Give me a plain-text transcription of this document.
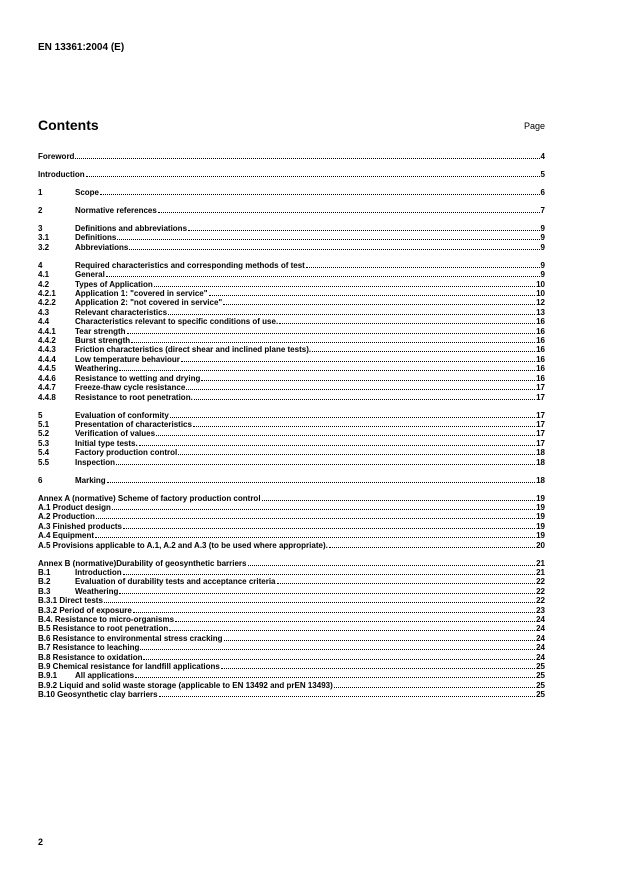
EN 13361:2004 (E)
Contents	Page
Foreword	4
Introduction	5
1	Scope	6
2	Normative references	7
3	Definitions and abbreviations	9
3.1	Definitions	9
3.2	Abbreviations	9
4	Required characteristics and corresponding methods of test	9
4.1	General	9
4.2	Types of Application	10
4.2.1	Application 1: "covered in service"	10
4.2.2	Application 2: "not covered in service"	12
4.3	Relevant characteristics	13
4.4	Characteristics relevant to specific conditions of use.	16
4.4.1	Tear strength	16
4.4.2	Burst strength	16
4.4.3	Friction characteristics (direct shear and inclined plane tests).	16
4.4.4	Low temperature behaviour	16
4.4.5	Weathering	16
4.4.6	Resistance to wetting and drying	16
4.4.7	Freeze-thaw cycle resistance	17
4.4.8	Resistance to root penetration.	17
5	Evaluation of conformity	17
5.1	Presentation of characteristics	17
5.2	Verification of values	17
5.3	Initial type tests.	17
5.4	Factory production control	18
5.5	Inspection	18
6	Marking	18
Annex A (normative) Scheme of factory production control	19
A.1 Product design	19
A.2 Production	19
A.3 Finished products	19
A.4 Equipment	19
A.5 Provisions applicable to A.1, A.2 and A.3 (to be used where appropriate).	20
Annex B (normative)Durability of geosynthetic barriers	21
B.1	Introduction	21
B.2	Evaluation of durability tests and acceptance criteria	22
B.3	Weathering	22
B.3.1 Direct tests	22
B.3.2 Period of exposure	23
B.4. Resistance to micro-organisms	24
B.5 Resistance to root penetration	24
B.6 Resistance to environmental stress cracking	24
B.7 Resistance to leaching	24
B.8 Resistance to oxidation	24
B.9 Chemical resistance for landfill applications	25
B.9.1	All applications	25
B.9.2 Liquid and solid waste storage (applicable to EN 13492 and prEN 13493)	25
B.10 Geosynthetic clay barriers	25
2
